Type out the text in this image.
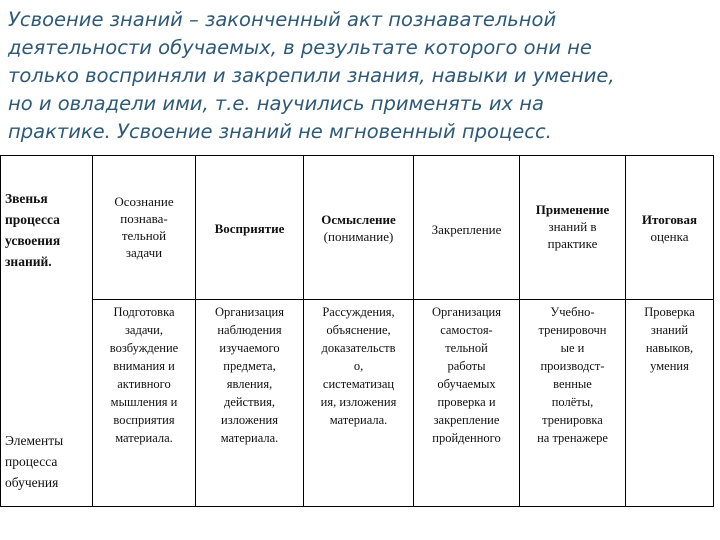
Усвоение знаний – законченный акт познавательной
деятельности обучаемых, в результате которого они не
только восприняли и закрепили знания, навыки и умение,
но и овладели ими, т.е. научились применять их на
практике. Усвоение знаний не мгновенный процесс.
Звенья
процесса
усвоения
знаний.
Элементы
процесса
обучения
Осознание
познава-
тельной
задачи
Восприятие
Осмысление
(понимание)	Закрепление
Применение
знаний в
практике
Итоговая
оценка
Подготовка
задачи,
возбуждение
внимания и
активного
мышления и
восприятия
материала.
Организация
наблюдения
изучаемого
предмета,
явления,
действия,
изложения
материала.
Рассуждения,
объяснение,
доказательств
о,
систематизац
ия, изложения
материала.
Организация
самостоя-
тельной
работы
обучаемых
проверка и
закрепление
пройденного
Учебно-
тренировочн
ые и
производст-
венные
полёты,
тренировка
на тренажере
Проверка
знаний
навыков,
умения
